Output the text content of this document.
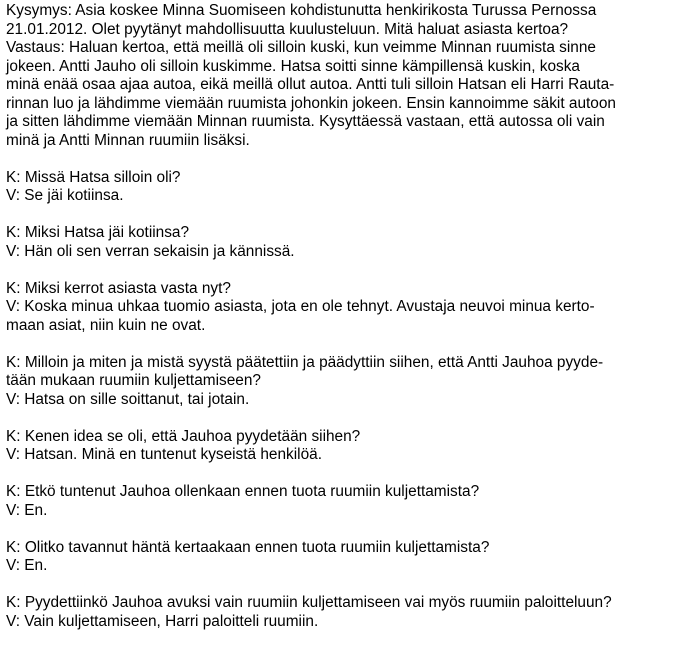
Kysymys: Asia koskee Minna Suomiseen kohdistunutta henkirikosta Turussa Pernossa
21.01.2012. Olet pyytänyt mahdollisuutta kuulusteluun. Mitä haluat asiasta kertoa?
Vastaus: Haluan kertoa, että meillä oli silloin kuski, kun veimme Minnan ruumista sinne
jokeen. Antti Jauho oli silloin kuskimme. Hatsa soitti sinne kämpillensä kuskin, koska
minä enää osaa ajaa autoa, eikä meillä ollut autoa. Antti tuli silloin Hatsan eli Harri Rauta-
rinnan luo ja lähdimme viemään ruumista johonkin jokeen. Ensin kannoimme säkit autoon
ja sitten lähdimme viemään Minnan ruumista. Kysyttäessä vastaan, että autossa oli vain
minä ja Antti Minnan ruumiin lisäksi.

K: Missä Hatsa silloin oli?
V: Se jäi kotiinsa.

K: Miksi Hatsa jäi kotiinsa?
V: Hän oli sen verran sekaisin ja kännissä.

K: Miksi kerrot asiasta vasta nyt?
V: Koska minua uhkaa tuomio asiasta, jota en ole tehnyt. Avustaja neuvoi minua kerto-
maan asiat, niin kuin ne ovat.

K: Milloin ja miten ja mistä syystä päätettiin ja päädyttiin siihen, että Antti Jauhoa pyyde-
tään mukaan ruumiin kuljettamiseen?
V: Hatsa on sille soittanut, tai jotain.

K: Kenen idea se oli, että Jauhoa pyydetään siihen?
V: Hatsan. Minä en tuntenut kyseistä henkilöä.

K: Etkö tuntenut Jauhoa ollenkaan ennen tuota ruumiin kuljettamista?
V: En.

K: Olitko tavannut häntä kertaakaan ennen tuota ruumiin kuljettamista?
V: En.

K: Pyydettiinkö Jauhoa avuksi vain ruumiin kuljettamiseen vai myös ruumiin paloitteluun?
V: Vain kuljettamiseen, Harri paloitteli ruumiin.
